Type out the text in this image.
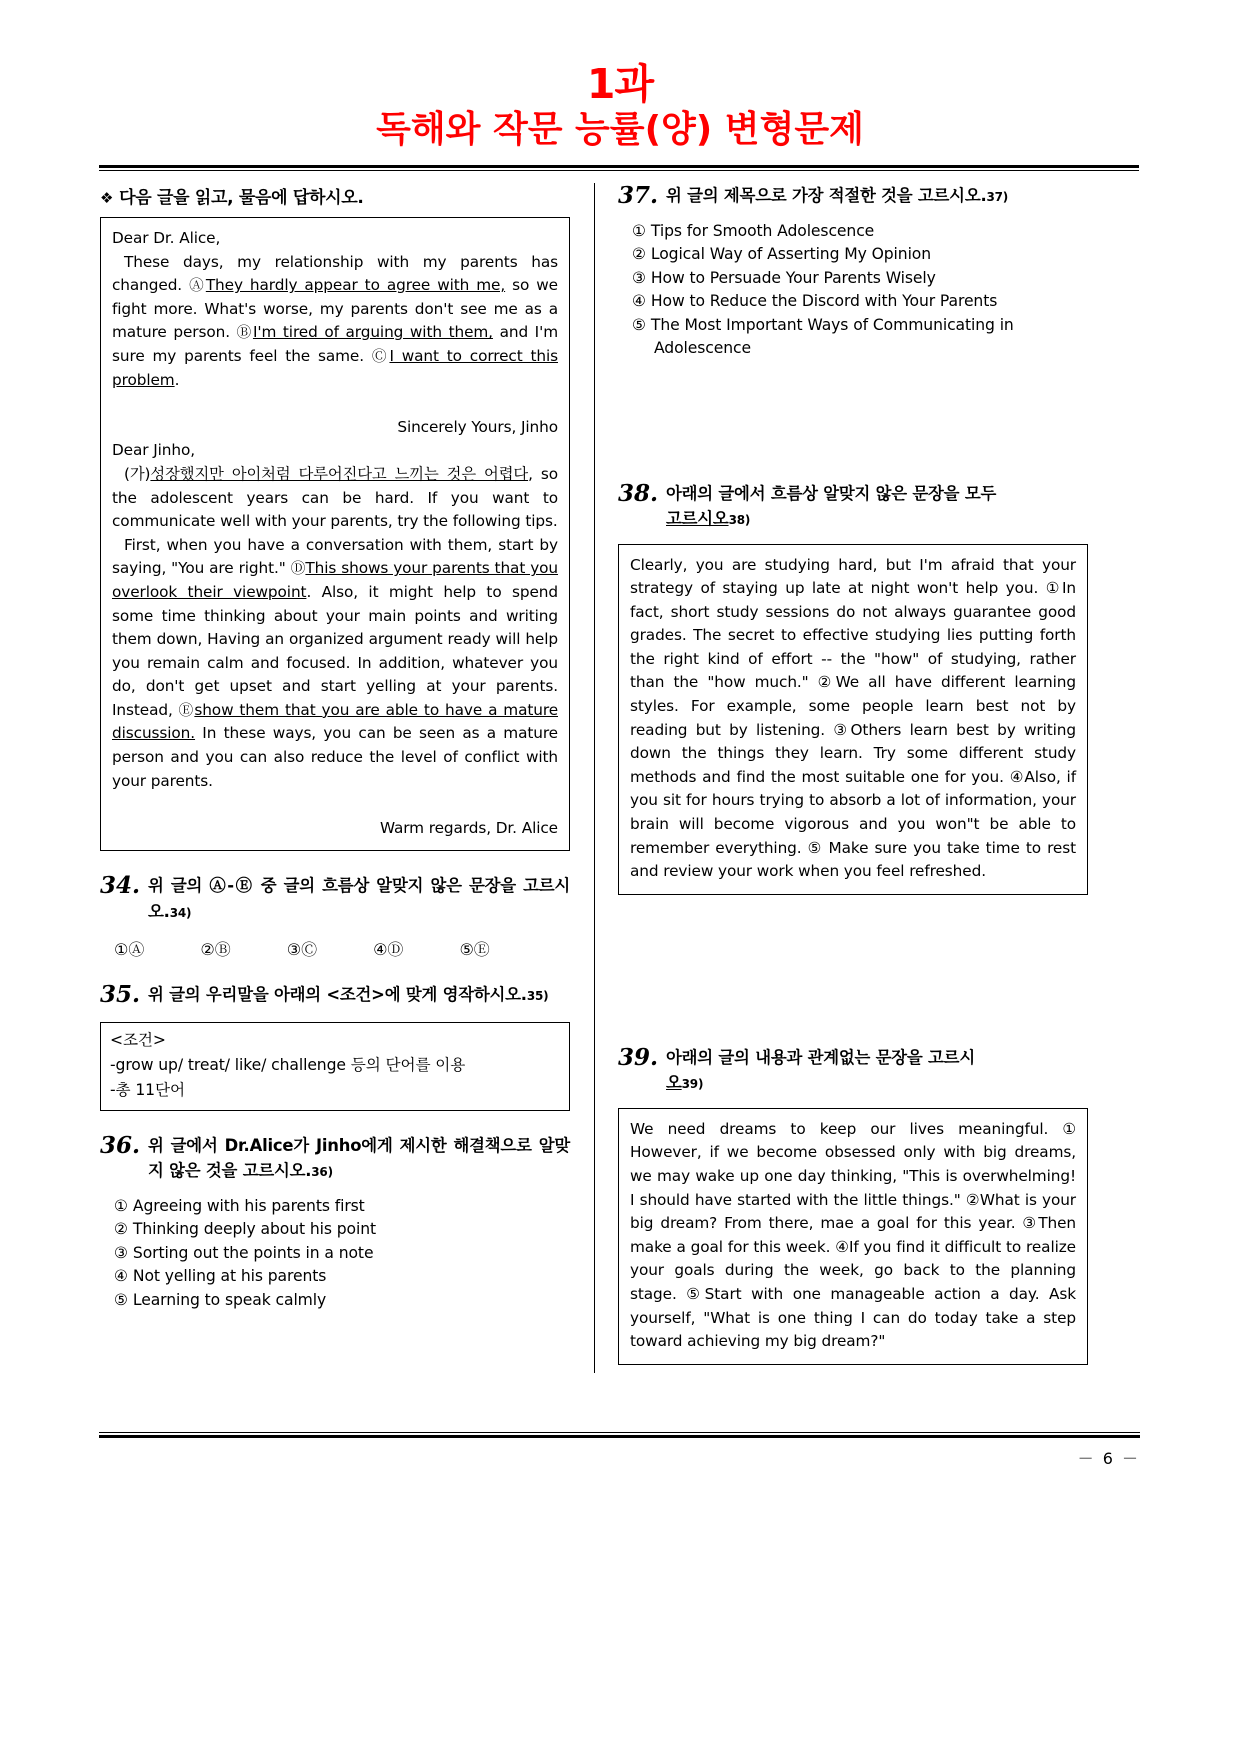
1과
독해와 작문 능률(양) 변형문제
❖ 다음 글을 읽고, 물음에 답하시오.

Dear Dr. Alice,

These days, my relationship with my parents has changed. ⒶThey hardly appear to agree with me, so we fight more. What's worse, my parents don't see me as a mature person. ⒷI'm tired of arguing with them, and I'm sure my parents feel the same. ⒸI want to correct this problem.

Sincerely Yours, Jinho

Dear Jinho,

(가)성장했지만 아이처럼 다루어진다고 느끼는 것은 어렵다, so the adolescent years can be hard. If you want to communicate well with your parents, try the following tips.

First, when you have a conversation with them, start by saying, "You are right." ⒹThis shows your parents that you overlook their viewpoint. Also, it might help to spend some time thinking about your main points and writing them down, Having an organized argument ready will help you remain calm and focused. In addition, whatever you do, don't get upset and start yelling at your parents. Instead, Ⓔshow them that you are able to have a mature discussion. In these ways, you can be seen as a mature person and you can also reduce the level of conflict with your parents.

Warm regards, Dr. Alice

34. 위 글의 Ⓐ-Ⓔ 중 글의 흐름상 알맞지 않은 문장을 고르시오.34)
①Ⓐ	②Ⓑ	③Ⓒ	④Ⓓ	⑤Ⓔ
35. 위 글의 우리말을 아래의 <조건>에 맞게 영작하시오.35)
<조건>
-grow up/ treat/ like/ challenge 등의 단어를 이용
-총 11단어
36. 위 글에서 Dr.Alice가 Jinho에게 제시한 해결책으로 알맞지 않은 것을 고르시오.36)
① Agreeing with his parents first
② Thinking deeply about his point
③ Sorting out the points in a note
④ Not yelling at his parents
⑤ Learning to speak calmly
37. 위 글의 제목으로 가장 적절한 것을 고르시오.37)
① Tips for Smooth Adolescence
② Logical Way of Asserting My Opinion
③ How to Persuade Your Parents Wisely
④ How to Reduce the Discord with Your Parents
⑤ The Most Important Ways of Communicating in
Adolescence
38. 아래의 글에서 흐름상 알맞지 않은 문장을 모두
고르시오38)

Clearly, you are studying hard, but I'm afraid that your strategy of staying up late at night won't help you. ①In fact, short study sessions do not always guarantee good grades. The secret to effective studying lies putting forth the right kind of effort -- the "how" of studying, rather than the "how much." ②We all have different learning styles. For example, some people learn best not by reading but by listening. ③Others learn best by writing down the things they learn. Try some different study methods and find the most suitable one for you. ④Also, if you sit for hours trying to absorb a lot of information, your brain will become vigorous and you won"t be able to remember everything. ⑤ Make sure you take time to rest and review your work when you feel refreshed.

39. 아래의 글의 내용과 관계없는 문장을 고르시
오39)

We need dreams to keep our lives meaningful. ① However, if we become obsessed only with big dreams, we may wake up one day thinking, "This is overwhelming! I should have started with the little things." ②What is your big dream? From there, mae a goal for this year. ③Then make a goal for this week. ④If you find it difficult to realize your goals during the week, go back to the planning stage. ⑤Start with one manageable action a day. Ask yourself, "What is one thing I can do today take a step toward achieving my big dream?"

－ 6 －
